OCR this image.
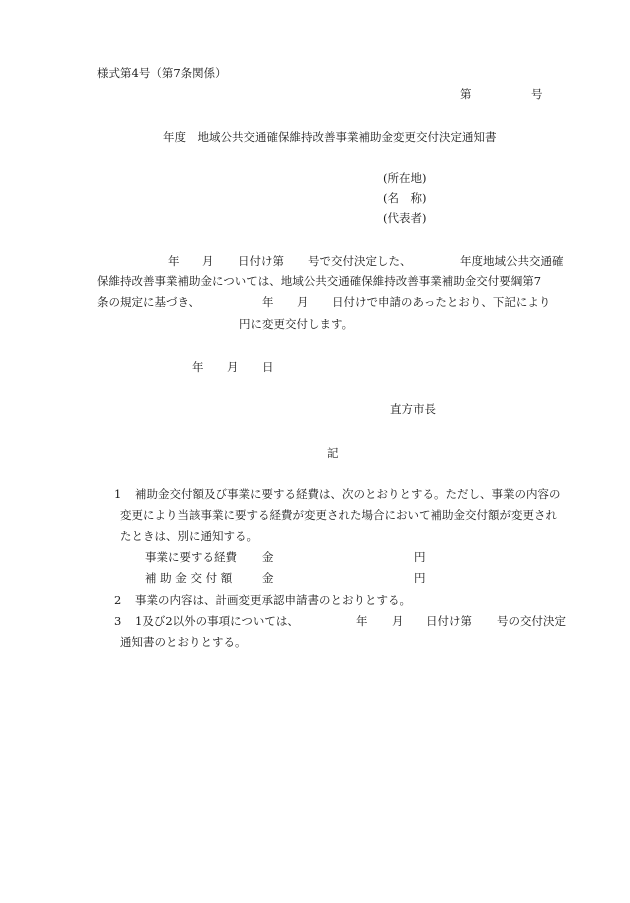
様式第4号（第7条関係）
第	号
年度　地域公共交通確保維持改善事業補助金変更交付決定通知書
(所在地)
(名　称)
(代表者)
年 月 日付け第 号で交付決定した、	年度地域公共交通確
保維持改善事業補助金については、地域公共交通確保維持改善事業補助金交付要綱第7
条の規定に基づき、	年 月 日付けで申請のあったとおり、下記により
円に変更交付します。
年 月 日
直方市長
記
1 補助金交付額及び事業に要する経費は、次のとおりとする。ただし、事業の内容の
変更により当該事業に要する経費が変更された場合において補助金交付額が変更され
たときは、別に通知する。
事業に要する経費 金	円
補 助 金 交 付 額	金	円
2 事業の内容は、計画変更承認申請書のとおりとする。
3 1及び2以外の事項については、	年 月 日付け第 号の交付決定
通知書のとおりとする。
